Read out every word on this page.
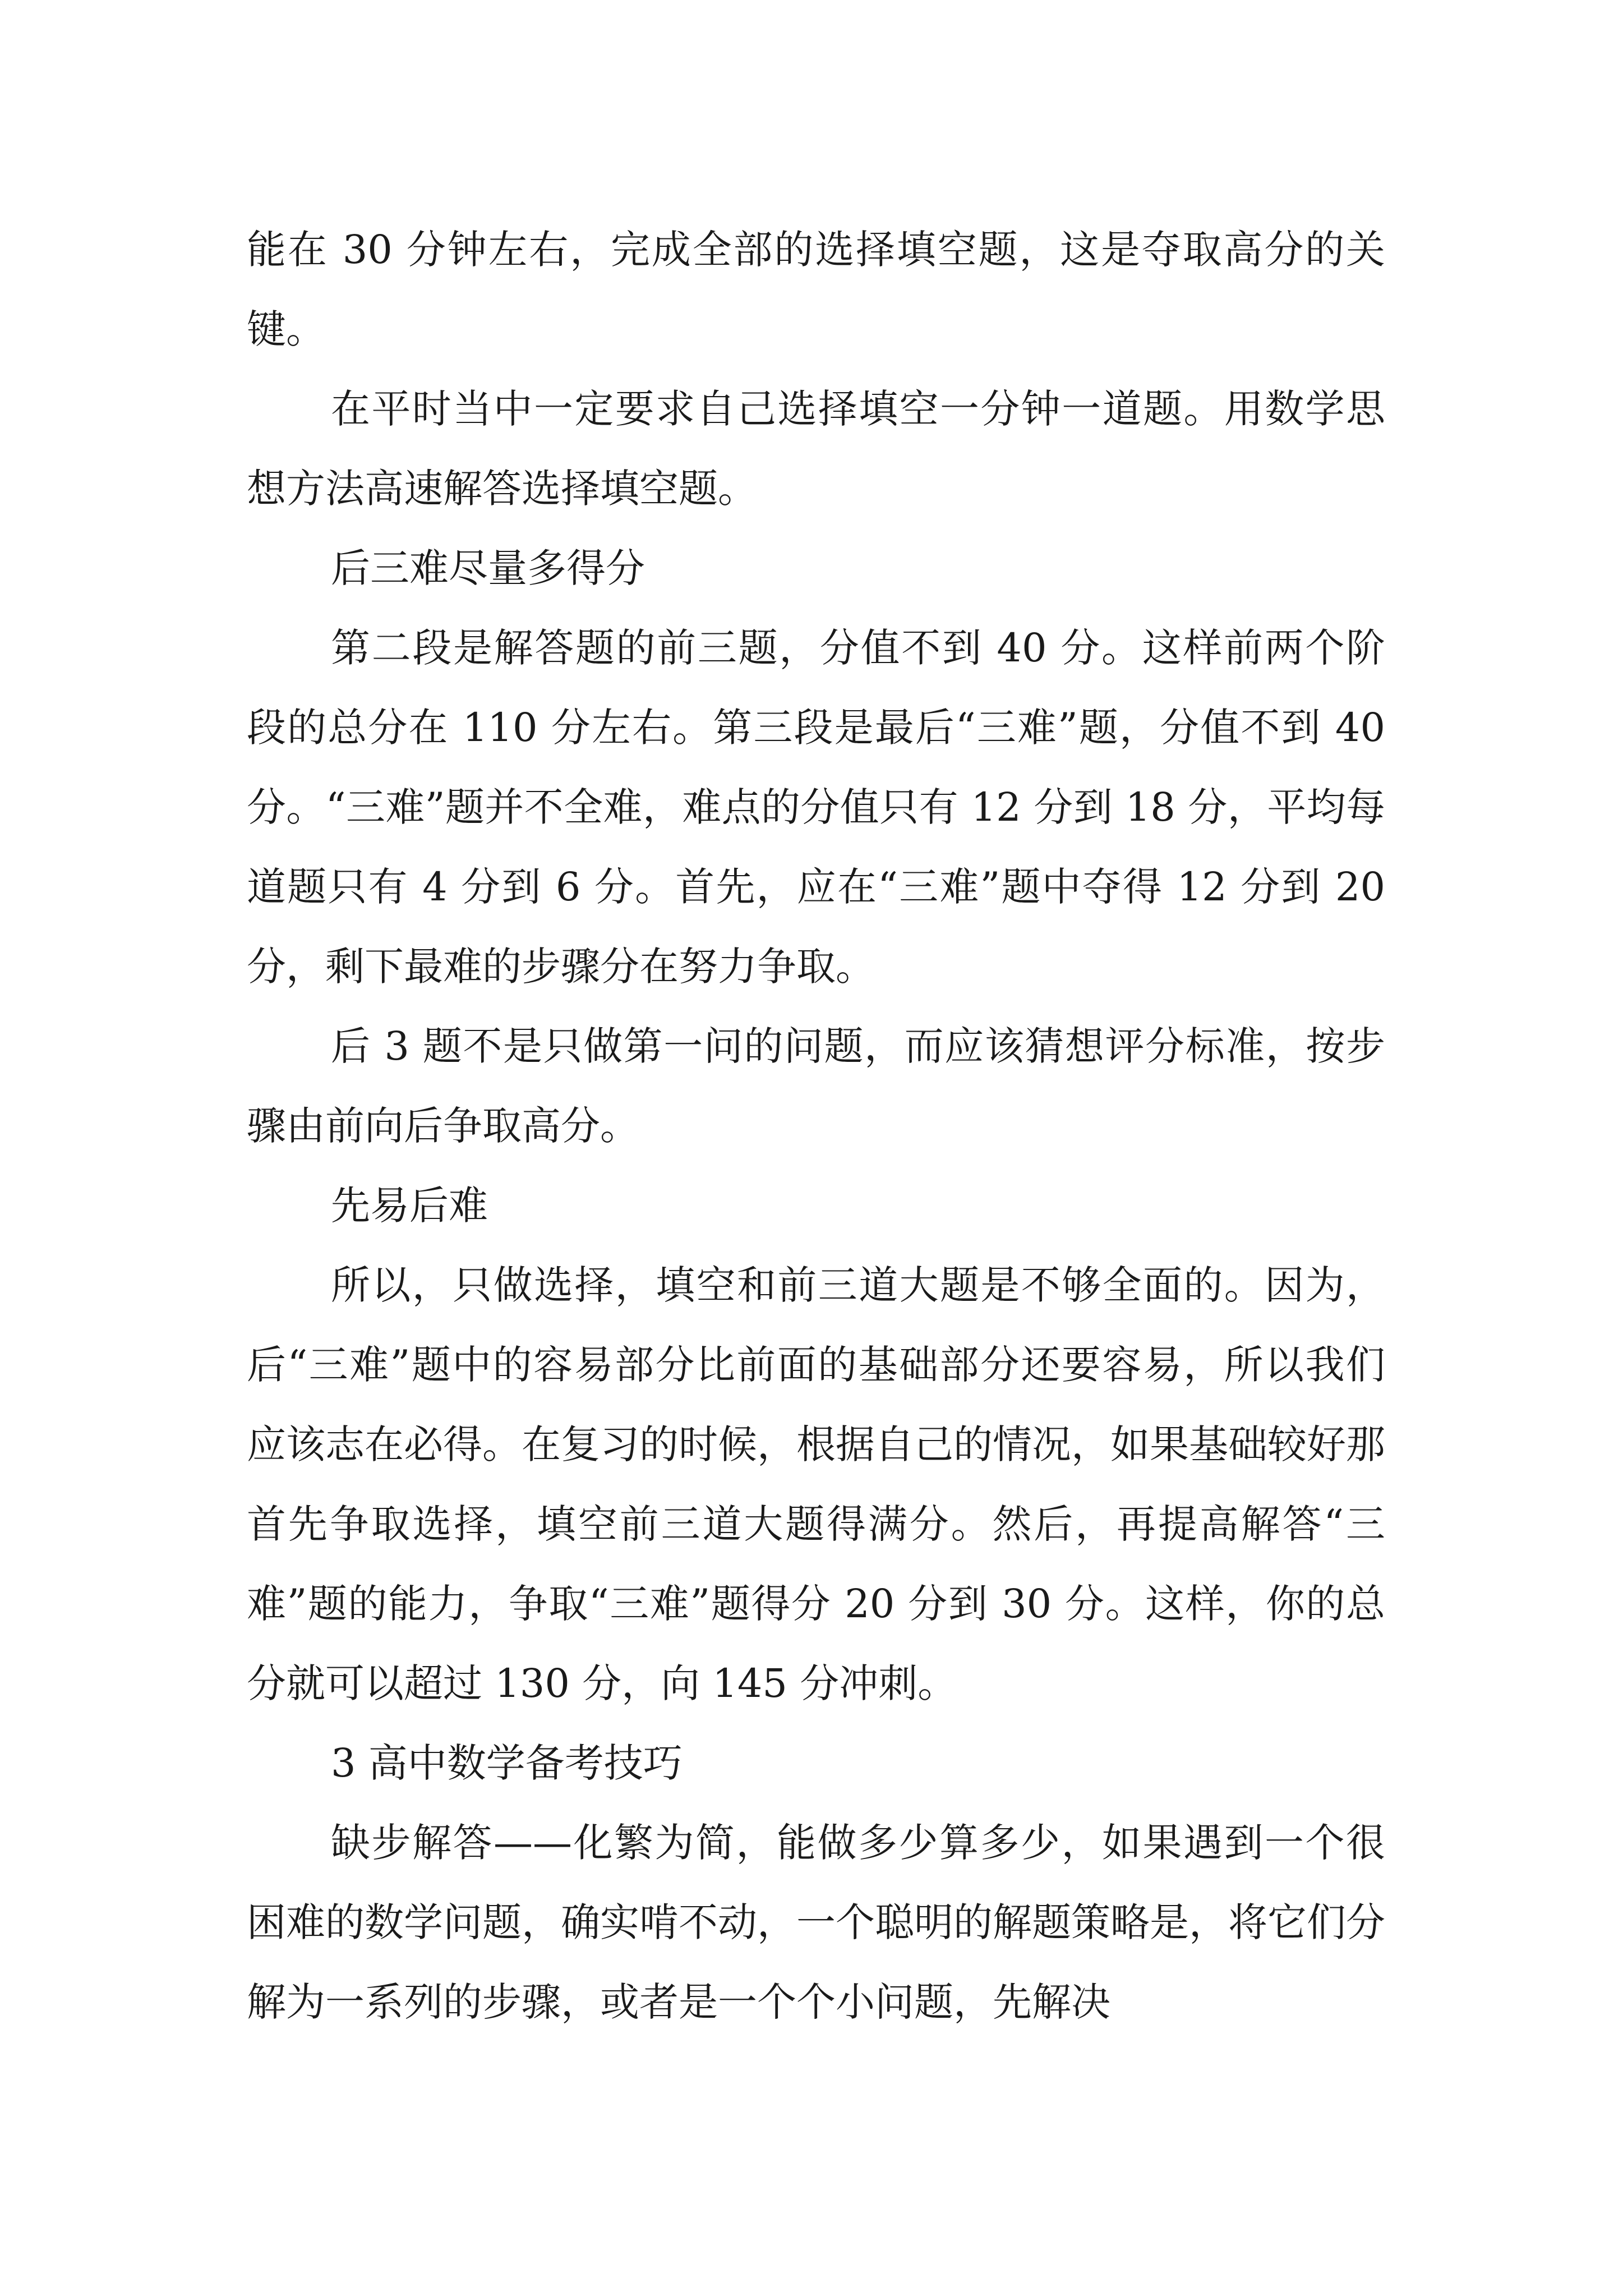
能在 30 分钟左右，完成全部的选择填空题，这是夺取高分的关键。

在平时当中一定要求自己选择填空一分钟一道题。用数学思想方法高速解答选择填空题。

后三难尽量多得分

第二段是解答题的前三题，分值不到 40 分。这样前两个阶段的总分在 110 分左右。第三段是最后“三难”题，分值不到 40 分。“三难”题并不全难，难点的分值只有 12 分到 18 分，平均每道题只有 4 分到 6 分。首先，应在“三难”题中夺得 12 分到 20 分，剩下最难的步骤分在努力争取。

后 3 题不是只做第一问的问题，而应该猜想评分标准，按步骤由前向后争取高分。

先易后难

所以，只做选择，填空和前三道大题是不够全面的。因为，后“三难”题中的容易部分比前面的基础部分还要容易，所以我们应该志在必得。在复习的时候，根据自己的情况，如果基础较好那首先争取选择，填空前三道大题得满分。然后，再提高解答“三难”题的能力，争取“三难”题得分 20 分到 30 分。这样，你的总分就可以超过 130 分，向 145 分冲刺。

3 高中数学备考技巧

缺步解答——化繁为简，能做多少算多少，如果遇到一个很困难的数学问题，确实啃不动，一个聪明的解题策略是，将它们分解为一系列的步骤，或者是一个个小问题，先解决
